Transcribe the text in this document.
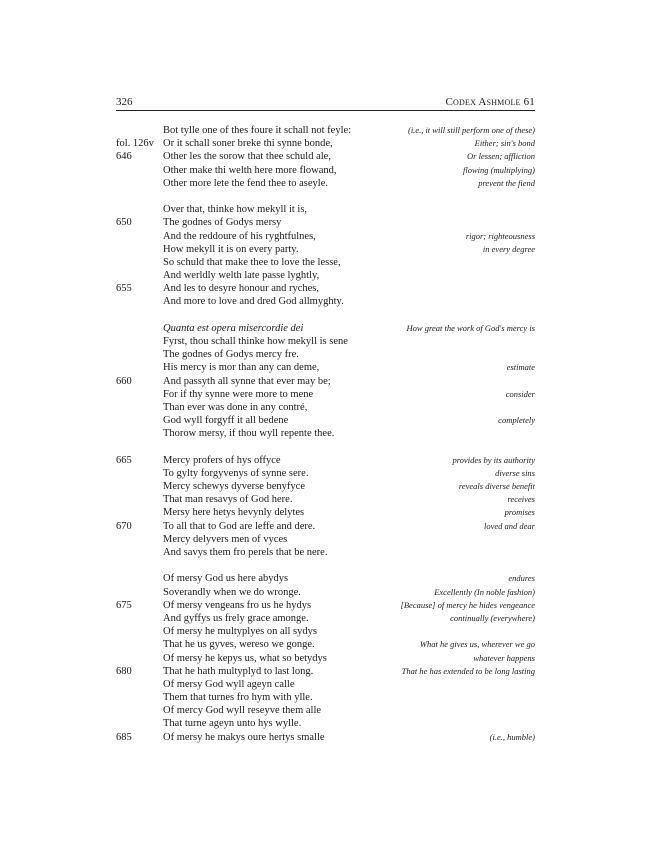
326	Codex Ashmole 61
Bot tylle one of thes foure it schall not feyle:	(i.e., it will still perform one of these)
fol. 126v Or it schall soner breke thi synne bonde,	Either; sin's bond
646	Other les the sorow that thee schuld ale,	Or lessen; affliction
Other make thi welth here more flowand,	flowing (multiplying)
Other more lete the fend thee to aseyle.	prevent the fiend
Over that, thinke how mekyll it is,
650	The godnes of Godys mersy
And the reddoure of his ryghtfulnes,	rigor; righteousness
How mekyll it is on every party.	in every degree
So schuld that make thee to love the lesse,
And werldly welth late passe lyghtly,
655	And les to desyre honour and ryches,
And more to love and dred God allmyghty.
Quanta est opera misercordie dei	How great the work of God's mercy is
Fyrst, thou schall thinke how mekyll is sene
The godnes of Godys mercy fre.
His mercy is mor than any can deme,	estimate
660	And passyth all synne that ever may be;
For if thy synne were more to mene	consider
Than ever was done in any contré,
God wyll forgyff it all bedene	completely
Thorow mersy, if thou wyll repente thee.
665	Mercy profers of hys offyce	provides by its authority
To gylty forgyvenys of synne sere.	diverse sins
Mercy schewys dyverse benyfyce	reveals diverse benefit
That man resavys of God here.	receives
Mersy here hetys hevynly delytes	promises
670	To all that to God are leffe and dere.	loved and dear
Mercy delyvers men of vyces
And savys them fro perels that be nere.
Of mersy God us here abydys	endures
Soverandly when we do wronge.	Excellently (In noble fashion)
675	Of mersy vengeans fro us he hydys	[Because] of mercy he hides vengeance
And gyffys us frely grace amonge.	continually (everywhere)
Of mersy he multyplyes on all sydys
That he us gyves, wereso we gonge.	What he gives us, wherever we go
Of mersy he kepys us, what so betydys	whatever happens
680	That he hath multyplyd to last long.	That he has extended to be long lasting
Of mersy God wyll ageyn calle
Them that turnes fro hym with ylle.
Of mercy God wyll reseyve them alle
That turne ageyn unto hys wylle.
685	Of mersy he makys oure hertys smalle	(i.e., humble)
